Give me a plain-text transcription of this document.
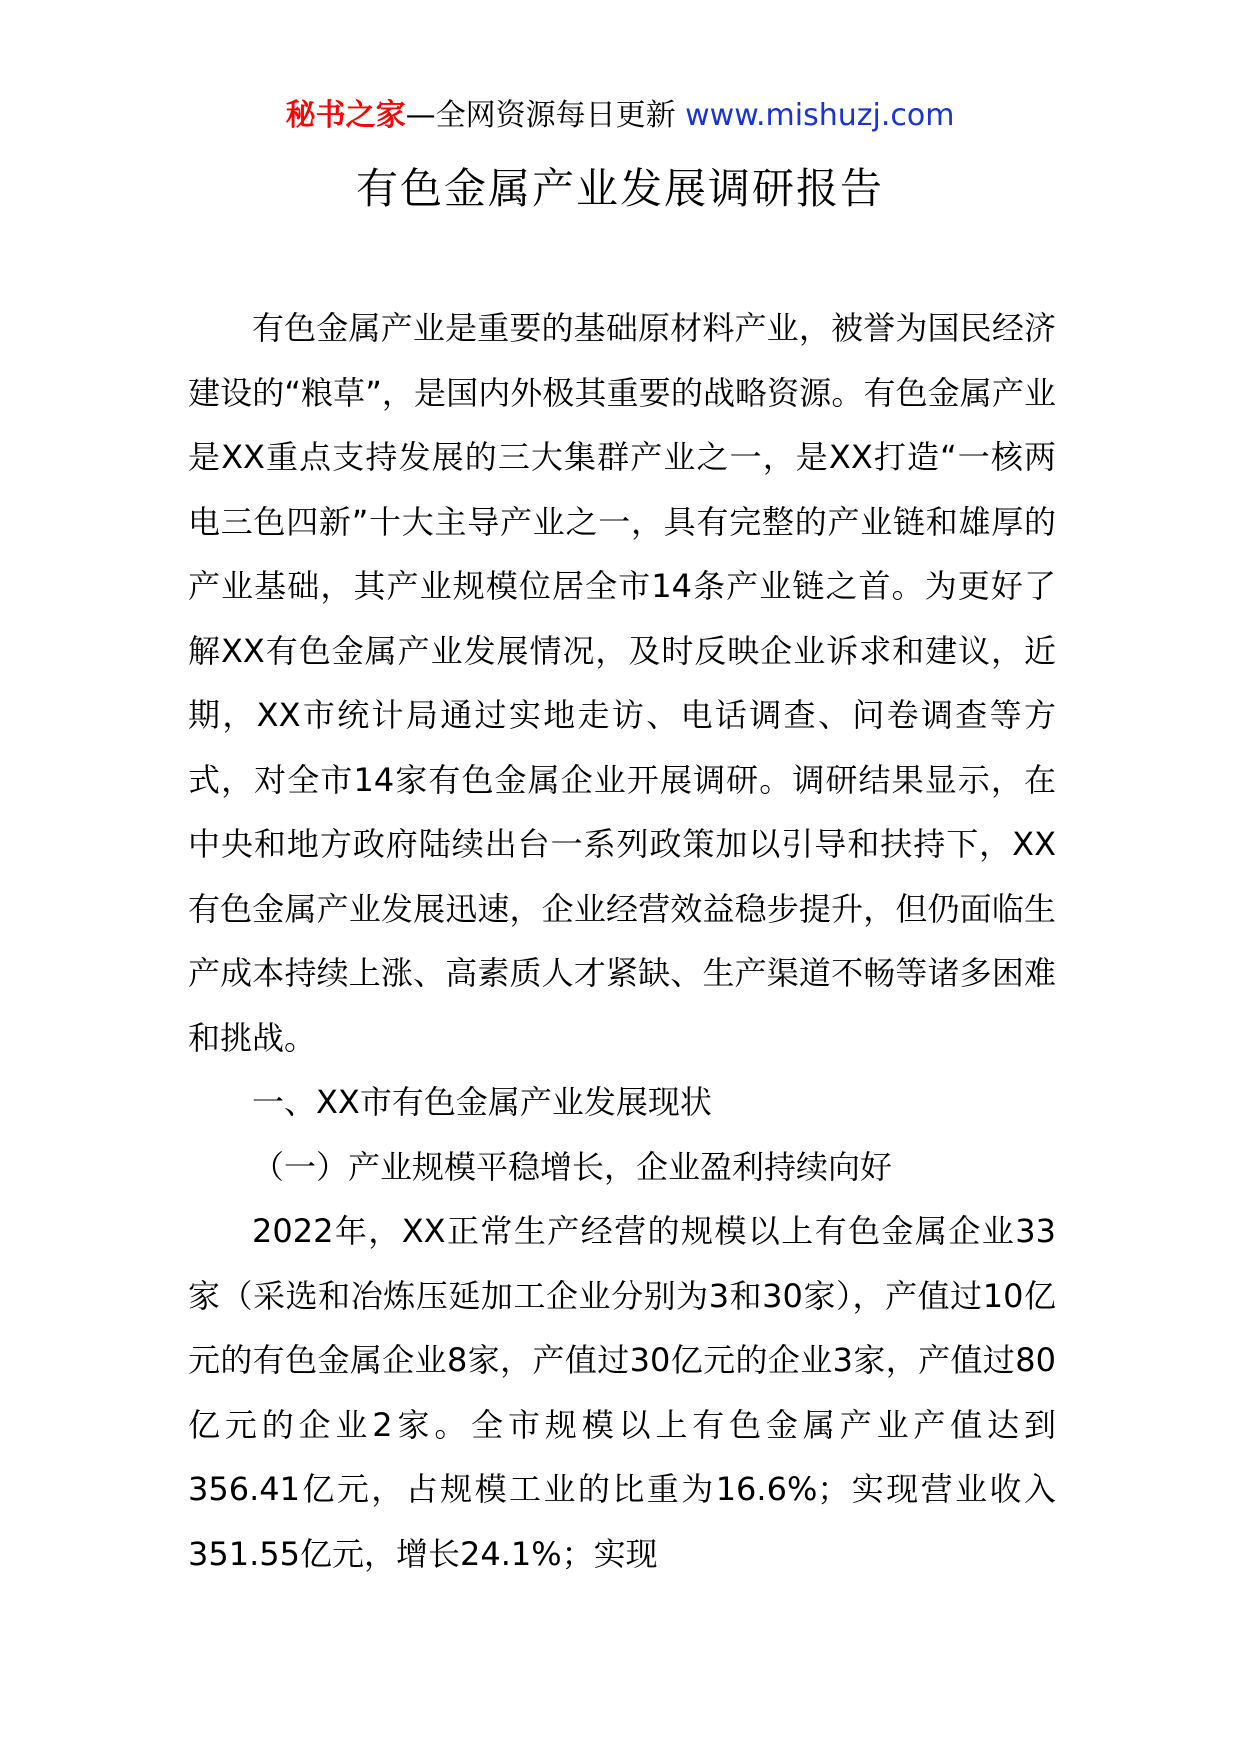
秘书之家—全网资源每日更新 www.mishuzj.com
有色金属产业发展调研报告

有色金属产业是重要的基础原材料产业，被誉为国民经济建设的“粮草”，是国内外极其重要的战略资源。有色金属产业是XX重点支持发展的三大集群产业之一，是XX打造“一核两电三色四新”十大主导产业之一，具有完整的产业链和雄厚的产业基础，其产业规模位居全市14条产业链之首。为更好了解XX有色金属产业发展情况，及时反映企业诉求和建议，近期，XX市统计局通过实地走访、电话调查、问卷调查等方式，对全市14家有色金属企业开展调研。调研结果显示，在中央和地方政府陆续出台一系列政策加以引导和扶持下，XX有色金属产业发展迅速，企业经营效益稳步提升，但仍面临生产成本持续上涨、高素质人才紧缺、生产渠道不畅等诸多困难和挑战。

一、XX市有色金属产业发展现状

（一）产业规模平稳增长，企业盈利持续向好

2022年，XX正常生产经营的规模以上有色金属企业33家（采选和冶炼压延加工企业分别为3和30家），产值过10亿元的有色金属企业8家，产值过30亿元的企业3家，产值过80亿元的企业2家。全市规模以上有色金属产业产值达到356.41亿元，占规模工业的比重为16.6%；实现营业收入351.55亿元，增长24.1%；实现
